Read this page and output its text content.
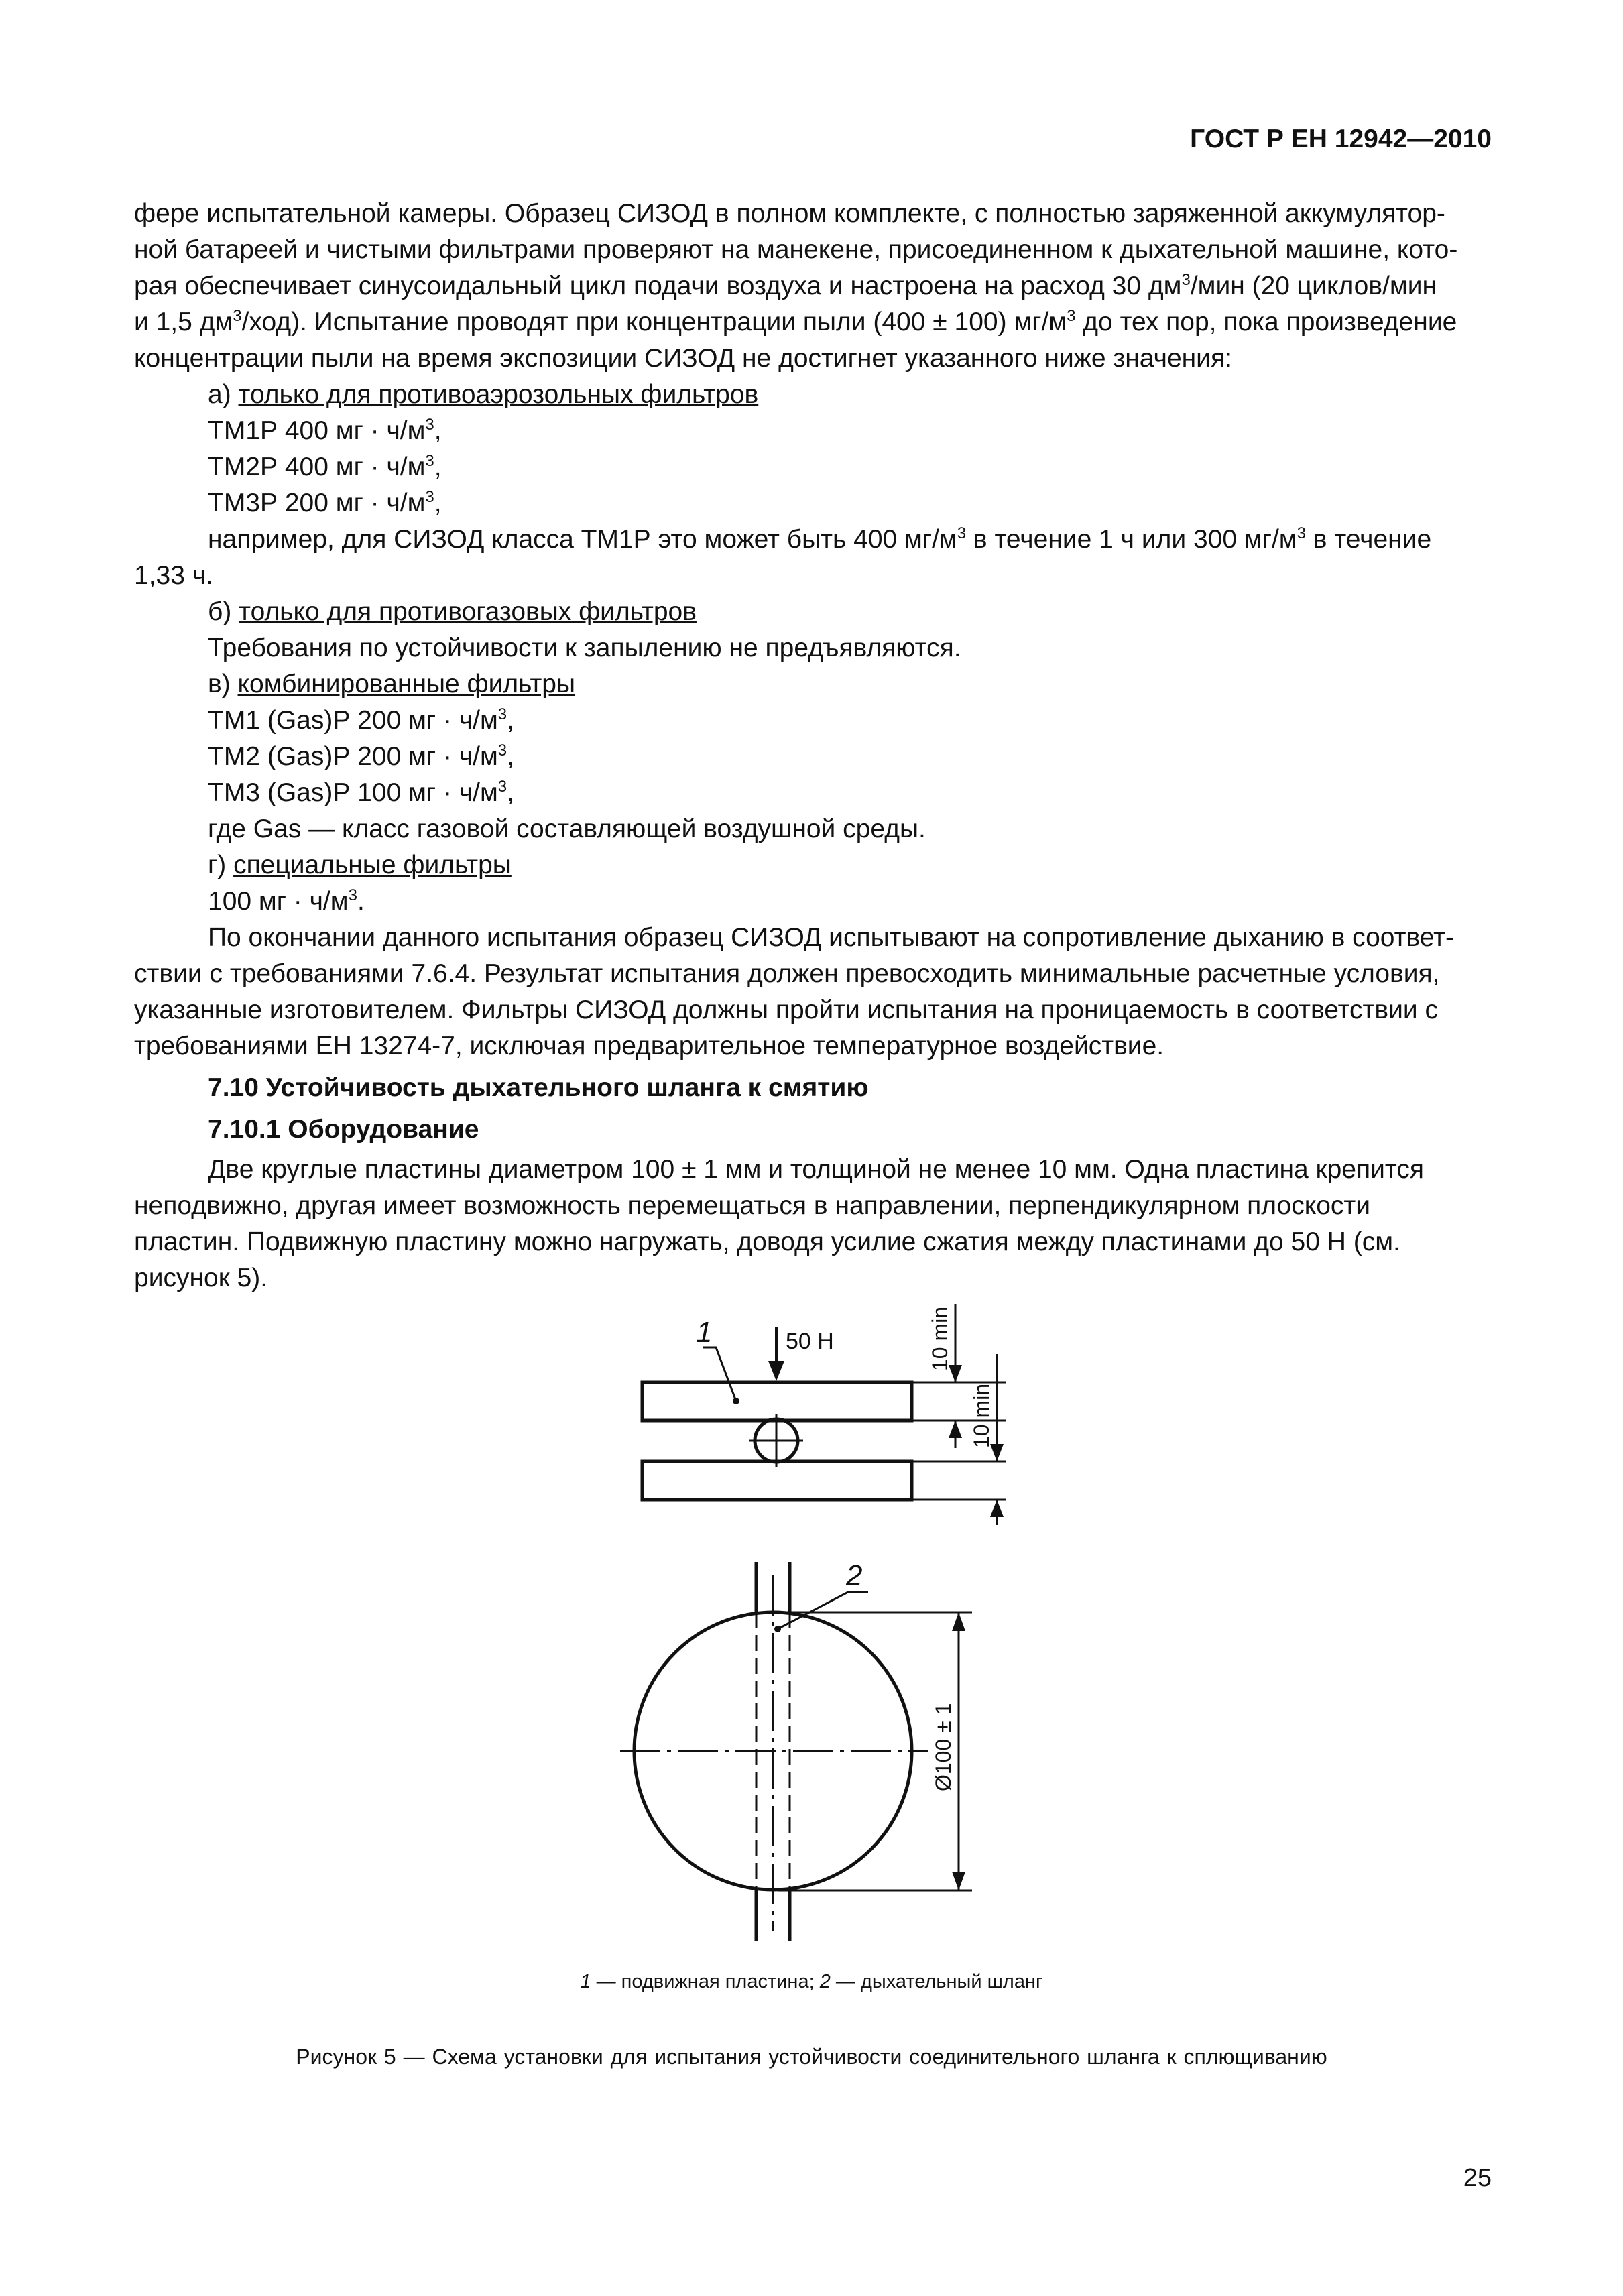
ГОСТ Р ЕН 12942—2010

фере испытательной камеры. Образец СИЗОД в полном комплекте, с полностью заряженной аккумулятор-
ной батареей и чистыми фильтрами проверяют на манекене, присоединенном к дыхательной машине, кото-
рая обеспечивает синусоидальный цикл подачи воздуха и настроена на расход 30 $дм^3$/мин (20 циклов/мин
и 1,5 $дм^3/ход$). Испытание проводят при концентрации пыли (400 ± 100) $мг/м^3$ до тех пор, пока произведение
концентрации пыли на время экспозиции СИЗОД не достигнет указанного ниже значения:

а) только для противоаэрозольных фильтров

ТМ1Р 400 мг · $ч/м^3$,

ТМ2Р 400 мг · $ч/м^3$,

ТМ3Р 200 мг · $ч/м^3$,

например, для СИЗОД класса ТМ1Р это может быть 400 $мг/м^3$ в течение 1 ч или 300 $мг/м^3$ в течение
1,33 ч.

б) только для противогазовых фильтров

Требования по устойчивости к запылению не предъявляются.

в) комбинированные фильтры

ТМ1 (Gas)Р 200 мг · $ч/м^3$,

ТМ2 (Gas)Р 200 мг · $ч/м^3$,

ТМ3 (Gas)Р 100 мг · $ч/м^3$,

где Gas — класс газовой составляющей воздушной среды.

г) специальные фильтры

100 мг · $ч/м^3$.

По окончании данного испытания образец СИЗОД испытывают на сопротивление дыханию в соответ-
ствии с требованиями 7.6.4. Результат испытания должен превосходить минимальные расчетные условия,
указанные изготовителем. Фильтры СИЗОД должны пройти испытания на проницаемость в соответствии с
требованиями ЕН 13274-7, исключая предварительное температурное воздействие.

7.10 Устойчивость дыхательного шланга к смятию

7.10.1 Оборудование

Две круглые пластины диаметром 100 ± 1 мм и толщиной не менее 10 мм. Одна пластина крепится
неподвижно, другая имеет возможность перемещаться в направлении, перпендикулярном плоскости
пластин. Подвижную пластину можно нагружать, доводя усилие сжатия между пластинами до 50 Н (см.
рисунок 5).

1	50 Н	10 min
10 min
2
Ø100 ± 1
1 — подвижная пластина; 2 — дыхательный шланг
Рисунок 5 — Схема установки для испытания устойчивости соединительного шланга к сплющиванию
25
